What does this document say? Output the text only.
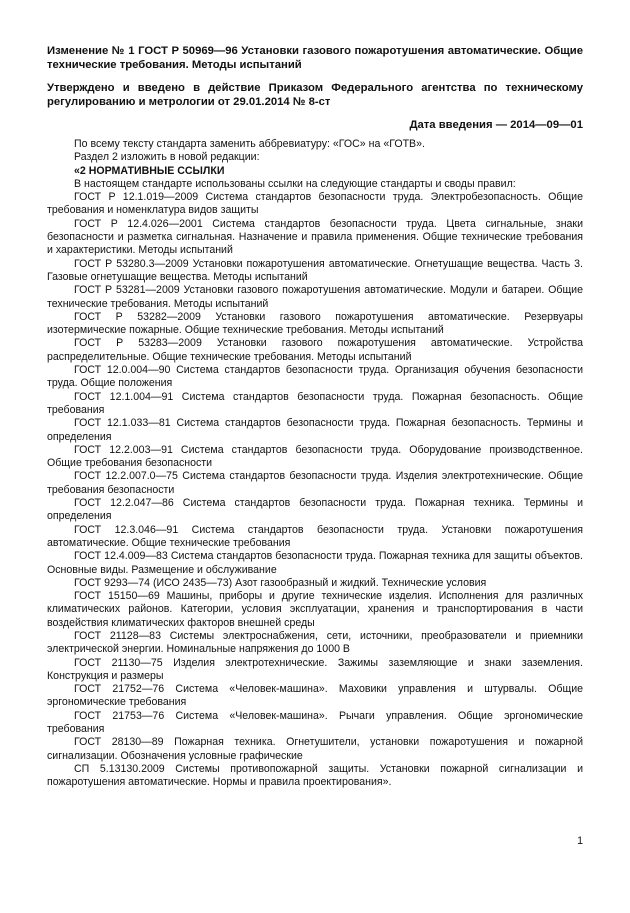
Изменение № 1 ГОСТ Р 50969—96 Установки газового пожаротушения автоматические. Общие технические требования. Методы испытаний

Утверждено и введено в действие Приказом Федерального агентства по техническому регулированию и метрологии от 29.01.2014 № 8-ст

Дата введения — 2014—09—01

По всему тексту стандарта заменить аббревиатуру: «ГОС» на «ГОТВ».

Раздел 2 изложить в новой редакции:

«2 НОРМАТИВНЫЕ ССЫЛКИ

В настоящем стандарте использованы ссылки на следующие стандарты и своды правил:

ГОСТ Р 12.1.019—2009 Система стандартов безопасности труда. Электробезопасность. Общие требования и номенклатура видов защиты

ГОСТ Р 12.4.026—2001 Система стандартов безопасности труда. Цвета сигнальные, знаки безопасности и разметка сигнальная. Назначение и правила применения. Общие технические требования и характеристики. Методы испытаний

ГОСТ Р 53280.3—2009 Установки пожаротушения автоматические. Огнетушащие вещества. Часть 3. Газовые огнетушащие вещества. Методы испытаний

ГОСТ Р 53281—2009 Установки газового пожаротушения автоматические. Модули и батареи. Общие технические требования. Методы испытаний

ГОСТ Р 53282—2009 Установки газового пожаротушения автоматические. Резервуары изотермические пожарные. Общие технические требования. Методы испытаний

ГОСТ Р 53283—2009 Установки газового пожаротушения автоматические. Устройства распределительные. Общие технические требования. Методы испытаний

ГОСТ 12.0.004—90 Система стандартов безопасности труда. Организация обучения безопасности труда. Общие положения

ГОСТ 12.1.004—91 Система стандартов безопасности труда. Пожарная безопасность. Общие требования

ГОСТ 12.1.033—81 Система стандартов безопасности труда. Пожарная безопасность. Термины и определения

ГОСТ 12.2.003—91 Система стандартов безопасности труда. Оборудование производственное. Общие требования безопасности

ГОСТ 12.2.007.0—75 Система стандартов безопасности труда. Изделия электротехнические. Общие требования безопасности

ГОСТ 12.2.047—86 Система стандартов безопасности труда. Пожарная техника. Термины и определения

ГОСТ 12.3.046—91 Система стандартов безопасности труда. Установки пожаротушения автоматические. Общие технические требования

ГОСТ 12.4.009—83 Система стандартов безопасности труда. Пожарная техника для защиты объектов. Основные виды. Размещение и обслуживание

ГОСТ 9293—74 (ИСО 2435—73) Азот газообразный и жидкий. Технические условия

ГОСТ 15150—69 Машины, приборы и другие технические изделия. Исполнения для различных климатических районов. Категории, условия эксплуатации, хранения и транспортирования в части воздействия климатических факторов внешней среды

ГОСТ 21128—83 Системы электроснабжения, сети, источники, преобразователи и приемники электрической энергии. Номинальные напряжения до 1000 В

ГОСТ 21130—75 Изделия электротехнические. Зажимы заземляющие и знаки заземления. Конструкция и размеры

ГОСТ 21752—76 Система «Человек-машина». Маховики управления и штурвалы. Общие эргономические требования

ГОСТ 21753—76 Система «Человек-машина». Рычаги управления. Общие эргономические требования

ГОСТ 28130—89 Пожарная техника. Огнетушители, установки пожаротушения и пожарной сигнализации. Обозначения условные графические

СП 5.13130.2009 Системы противопожарной защиты. Установки пожарной сигнализации и пожаротушения автоматические. Нормы и правила проектирования».

1
